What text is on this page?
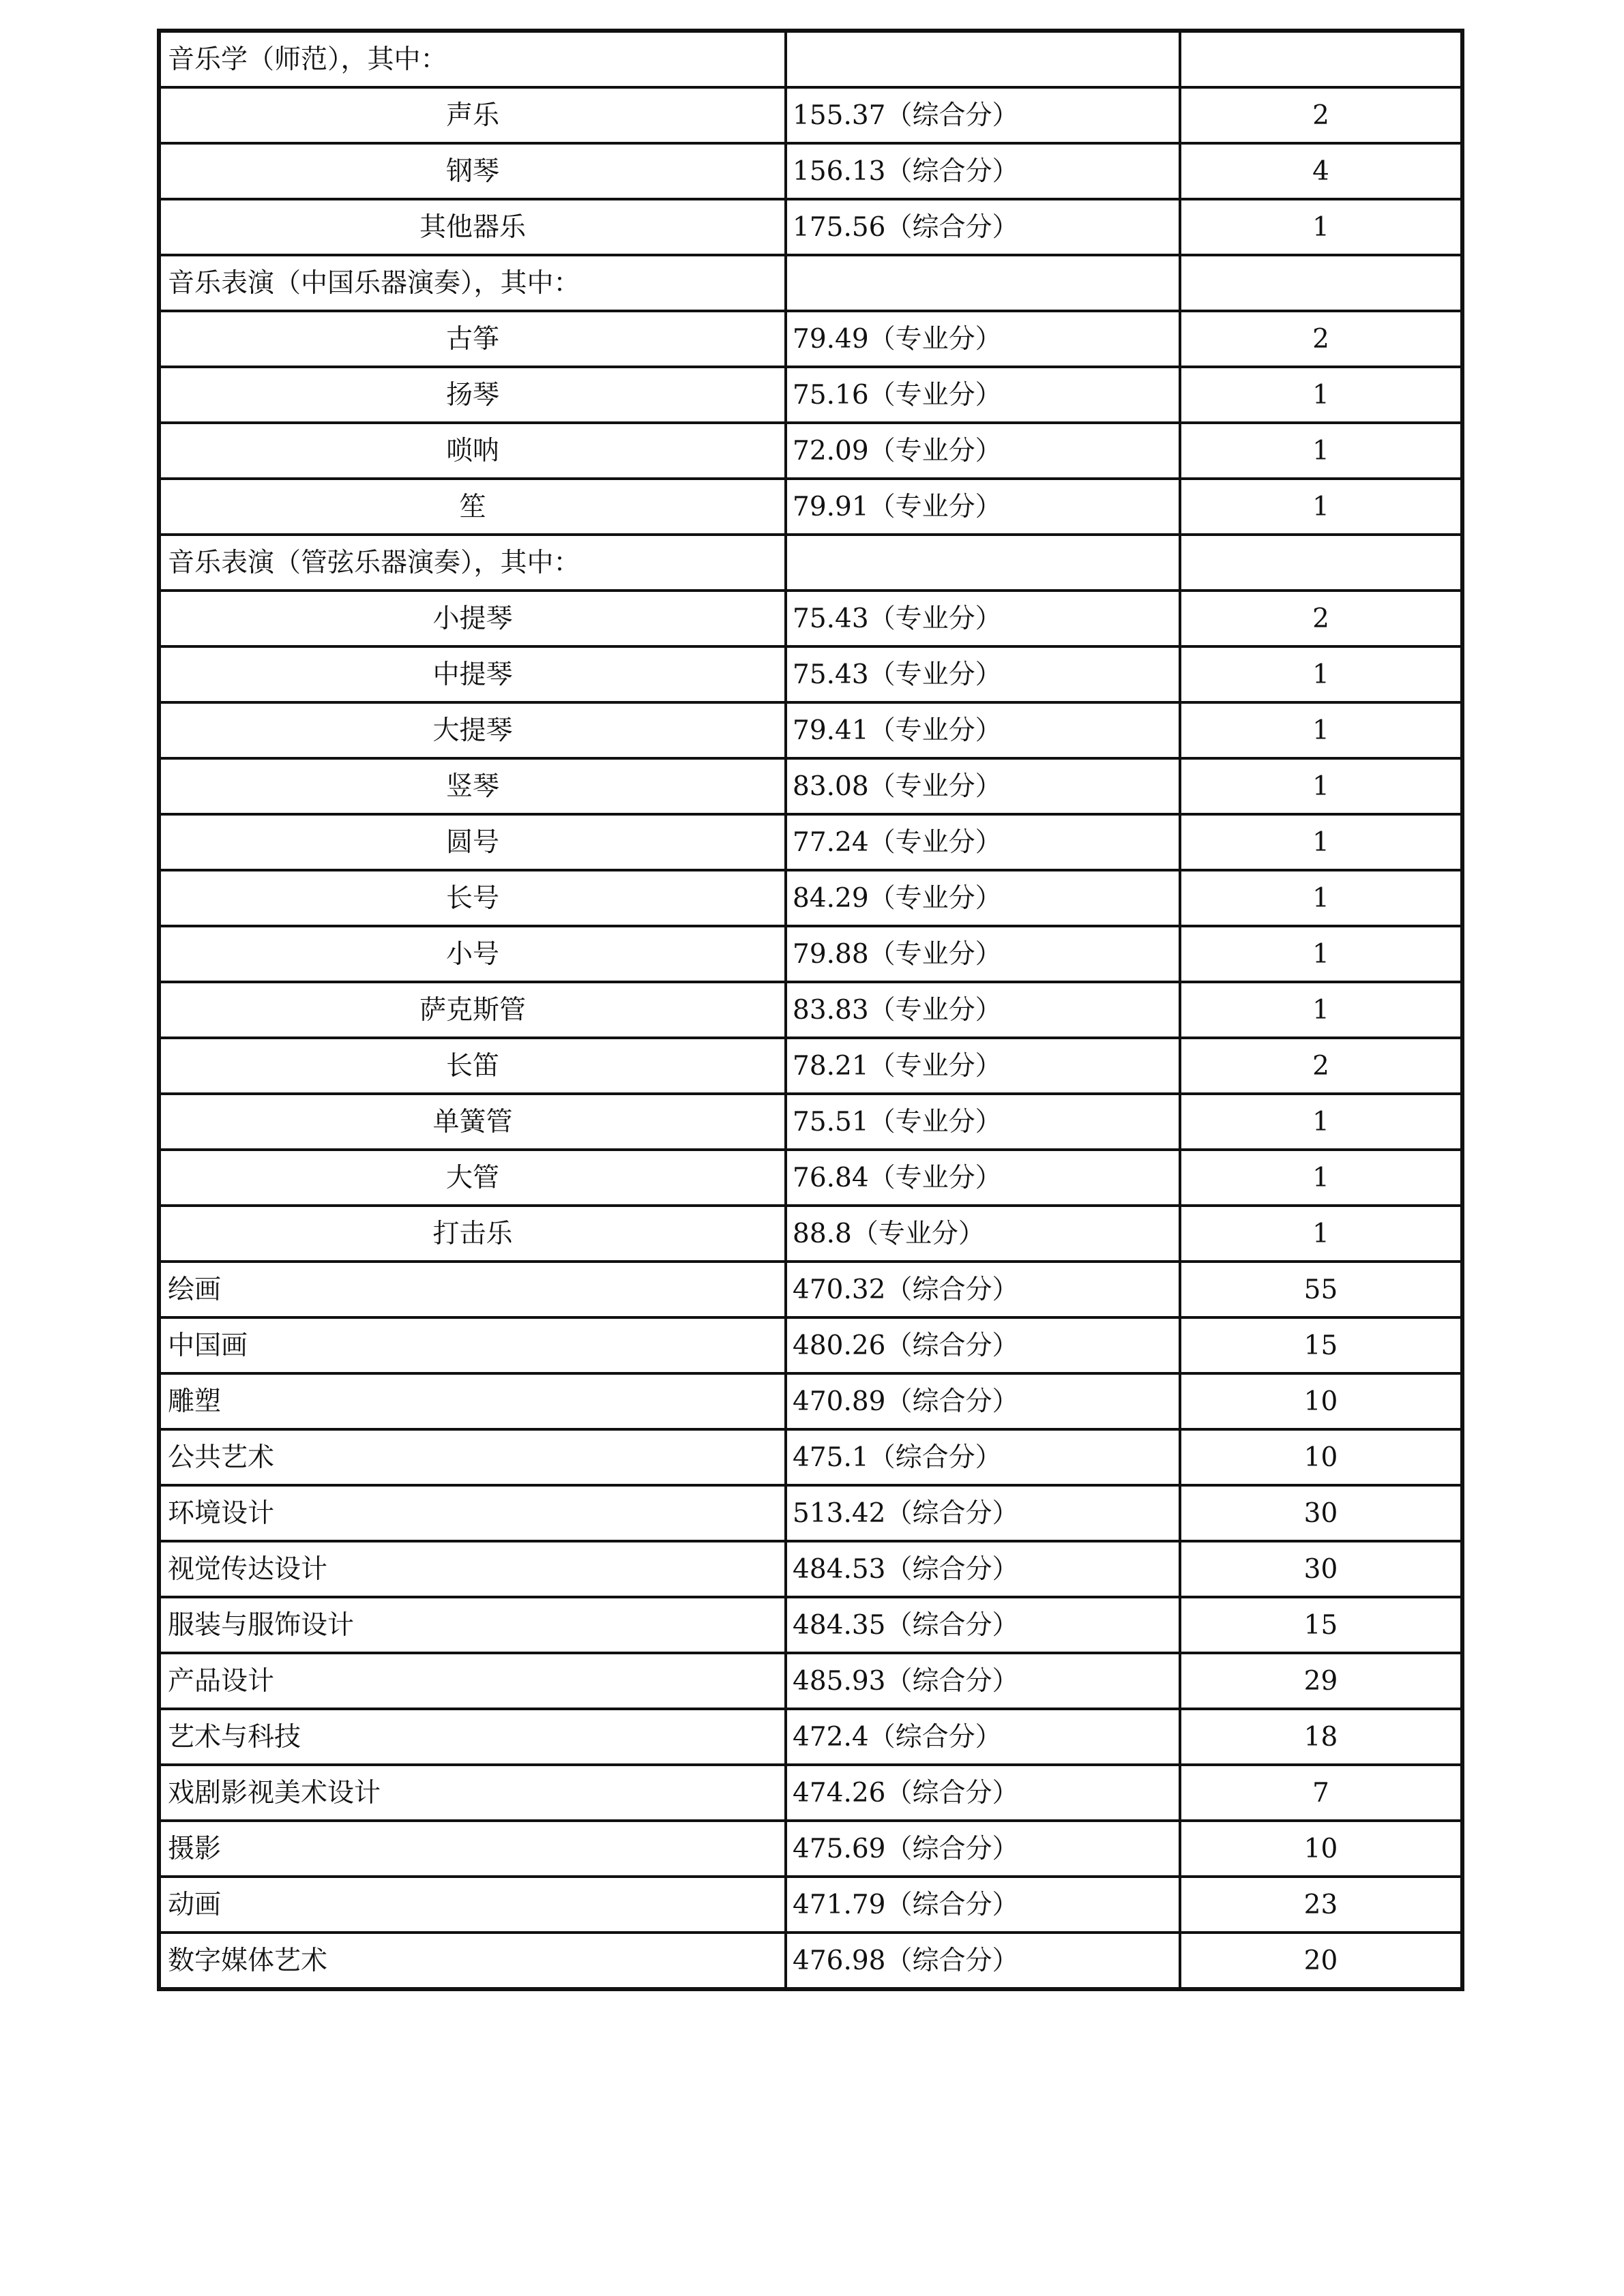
音乐学（师范），其中：		
声乐	155.37（综合分）	2
钢琴	156.13（综合分）	4
其他器乐	175.56（综合分）	1
音乐表演（中国乐器演奏），其中：		
古筝	79.49（专业分）	2
扬琴	75.16（专业分）	1
唢呐	72.09（专业分）	1
笙	79.91（专业分）	1
音乐表演（管弦乐器演奏），其中：		
小提琴	75.43（专业分）	2
中提琴	75.43（专业分）	1
大提琴	79.41（专业分）	1
竖琴	83.08（专业分）	1
圆号	77.24（专业分）	1
长号	84.29（专业分）	1
小号	79.88（专业分）	1
萨克斯管	83.83（专业分）	1
长笛	78.21（专业分）	2
单簧管	75.51（专业分）	1
大管	76.84（专业分）	1
打击乐	88.8（专业分）	1
绘画	470.32（综合分）	55
中国画	480.26（综合分）	15
雕塑	470.89（综合分）	10
公共艺术	475.1（综合分）	10
环境设计	513.42（综合分）	30
视觉传达设计	484.53（综合分）	30
服装与服饰设计	484.35（综合分）	15
产品设计	485.93（综合分）	29
艺术与科技	472.4（综合分）	18
戏剧影视美术设计	474.26（综合分）	7
摄影	475.69（综合分）	10
动画	471.79（综合分）	23
数字媒体艺术	476.98（综合分）	20
